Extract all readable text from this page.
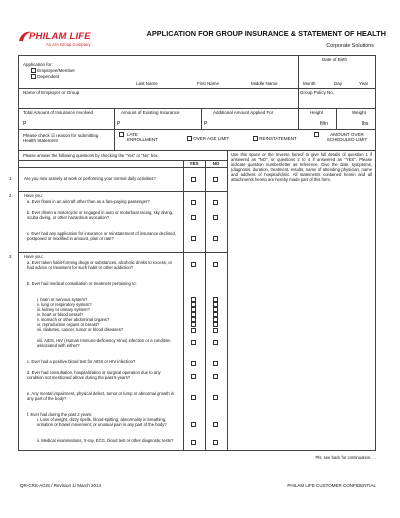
PHILAM LIFE
An AIA Group Company
APPLICATION FOR GROUP INSURANCE & STATEMENT OF HEALTH
Corporate Solutions
Application for:
Employee/Member
Dependent
Last Name	First Name	Middle Name
Date of Birth
Month	Day	Year
Name of Employer or Group	Group Policy No.
Total Amount of Insurance Involved
P
Amount of Existing Insurance
P
Additional Amount Applied For
P
Height
ft/in
Weight
lbs
Please check ☑ reason for submitting Health Statement
LATE ENROLLMENT	OVER AGE LIMIT	REINSTATEMENT
AMOUNT OVER SCHEDULED LIMIT
Please answer the following questions by checking the "Yes" or "No" box.
YES	NO
Use this space or the reverse hereof to give full details of question 1 if answered as "NO", or questions 2 to 4 if answered as "YES". Please indicate question number/letter as reference. Give the date, symptoms, (diagnosis, duration, treatment, results, name of attending physician, name and address of hospital/clinic. All statements contained herein and all attachments hereto are hereby made part of this form.
1.	Are you now actively at work or performing your normal daily activities?
2.	Have you:
a. Ever flown in an aircraft other than as a fare-paying passenger?
b. Ever driven a motorcycle or engaged in auto or motorboat racing, sky diving, scuba diving, or other hazardous avocation?
c. Ever had any application for insurance or reinstatement of insurance declined, postponed or modified in amount, plan or rate?
3.	Have you:
a. Ever taken habit-forming drugs or substances, alcoholic drinks to excess, or had advice or treatment for such habit or other addiction?
b. Ever had medical consultation or treatment pertaining to:
i. brain or nervous system?
ii. lung or respiratory system?
iii. kidney or urinary system?
iv. heart or blood vessel?
v. stomach or other abdominal organs?
vi. reproductive organs or breast?
vii. diabetes, cancer, tumor or blood diseases?
viii. AIDS, HIV (Human Immuno-deficiency Virus) infection or a condition associated with either?
c. Ever had a positive blood test for AIDS or HIV infection?
d. Ever had consultation, hospitalization or surgical operation due to any condition not mentioned above during the past 5 years?
e. Any mental impairment, physical defect, tumor or lump or abnormal growth in any part of the body?
f. Ever had during the past 2 years:
i. Loss of weight, dizzy spells, blood-spitting, abnormality in breathing, urination or bowel movement; or unusual pain in any part of the body?
ii. Medical examinations, X-ray, ECG, blood test or other diagnostic tests?
Pls. see back for continuation. . .
QR-CRS-AGIS / Revision 1/ March 2014	PHILAM LIFE CUSTOMER CONFIDENTIAL
